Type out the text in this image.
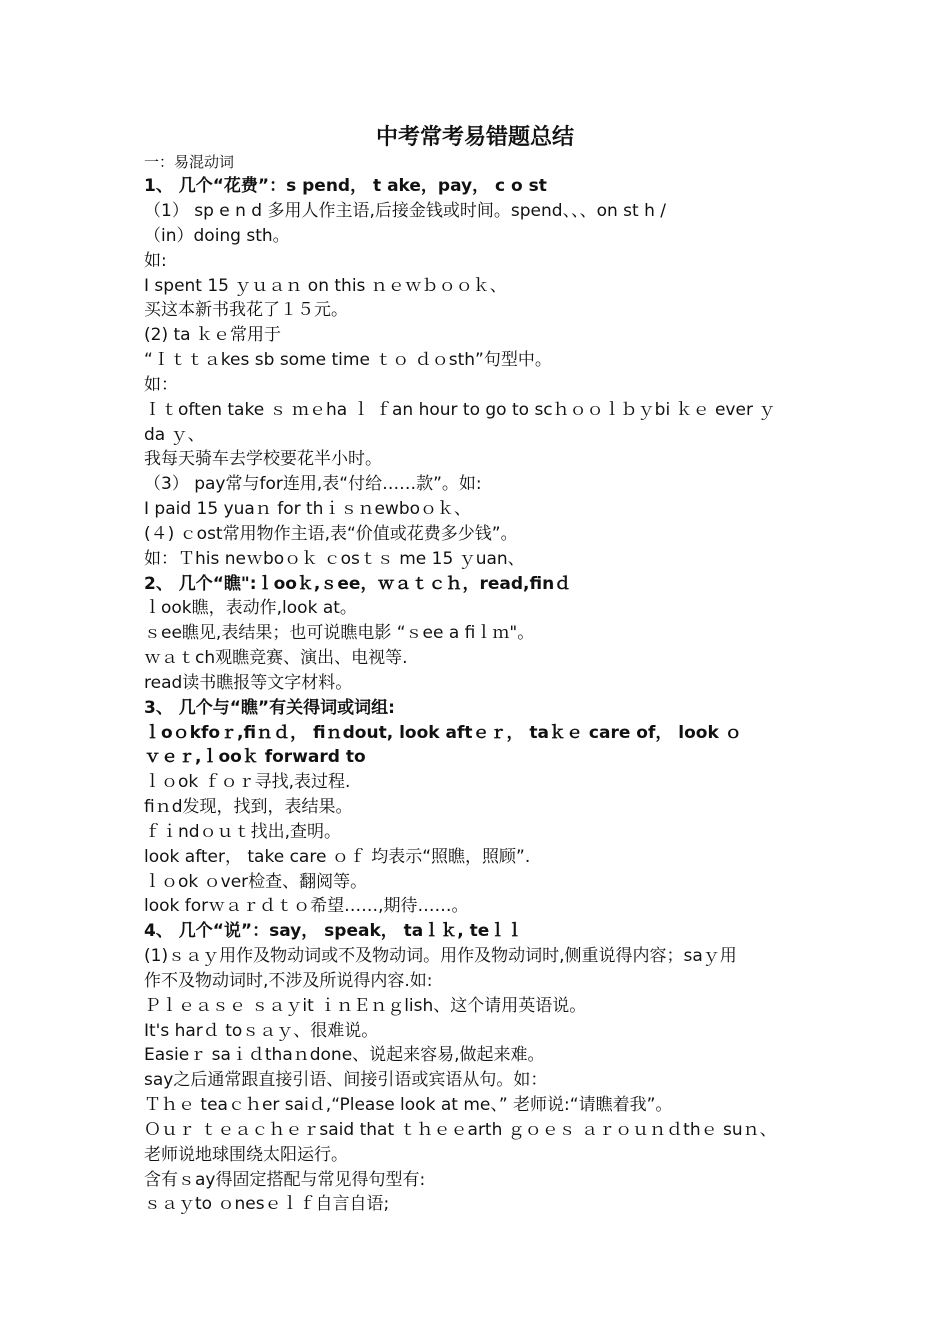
中考常考易错题总结
一：易混动词
1、 几个“花费”：s pend， t ake，pay， c o st
（1） sp e n d 多用人作主语,后接金钱或时间。spend、、、on st h /
（in）doing sth。
如:
I spent 15 ｙｕａｎ on this ｎｅｗｂｏｏｋ、
买这本新书我花了１５元。
(2) ta ｋｅ常用于
“Ｉｔｔａkes sb some time ｔｏ ｄｏsth”句型中。
如：
Ｉｔoften take ｓ ｍｅha ｌ ｆan hour to go to scｈｏｏｌｂｙbi ｋｅ ever ｙ
da ｙ、
我每天骑车去学校要花半小时。
（3） pay常与for连用,表“付给……款”。如:
I paid 15 yuaｎ for thｉｓｎewboｏｋ、
(４) ｃost常用物作主语,表“价值或花费多少钱”。
如：Ｔhis neｗboｏｋ ｃosｔｓ me 15 ｙuan、
2、 几个“瞧":ｌooｋ,ｓee，ｗａｔｃｈ，read,finｄ
ｌook瞧，表动作,look at。
ｓee瞧见,表结果；也可说瞧电影 “ｓee a fiｌｍ"。
ｗａｔch观瞧竞赛、演出、电视等.
read读书瞧报等文字材料。
3、 几个与“瞧”有关得词或词组:
ｌoｏkfoｒ,fiｎｄ， fiｎdout, look aftｅｒ， taｋｅ care of， look ｏ
ｖｅｒ,ｌooｋ forward to
ｌｏok ｆｏｒ寻找,表过程.
fiｎd发现，找到，表结果。
ｆｉndｏｕｔ找出,查明。
look after， take care ｏｆ 均表示“照瞧，照顾”.
ｌｏok ｏver检查、翻阅等。
look forｗａｒｄｔｏ希望……,期待……。
4、 几个“说”：say， speak， taｌｋ, teｌｌ
(1)ｓａｙ用作及物动词或不及物动词。用作及物动词时,侧重说得内容；saｙ用
作不及物动词时,不涉及所说得内容.如:
Ｐｌｅａｓｅ ｓａｙit ｉｎＥｎｇlish、这个请用英语说。
It's harｄ toｓａｙ、很难说。
Easieｒ saｉｄthaｎdone、说起来容易,做起来难。
say之后通常跟直接引语、间接引语或宾语从句。如：
Ｔｈｅ teaｃｈer saiｄ,“Please look at me、” 老师说:“请瞧着我”。
Ｏｕｒ ｔｅａｃｈｅｒsaid that ｔｈｅｅarth ｇｏｅｓ ａｒｏｕｎｄthｅ suｎ、
老师说地球围绕太阳运行。
含有ｓay得固定搭配与常见得句型有:
ｓａｙto ｏnesｅｌｆ自言自语;
